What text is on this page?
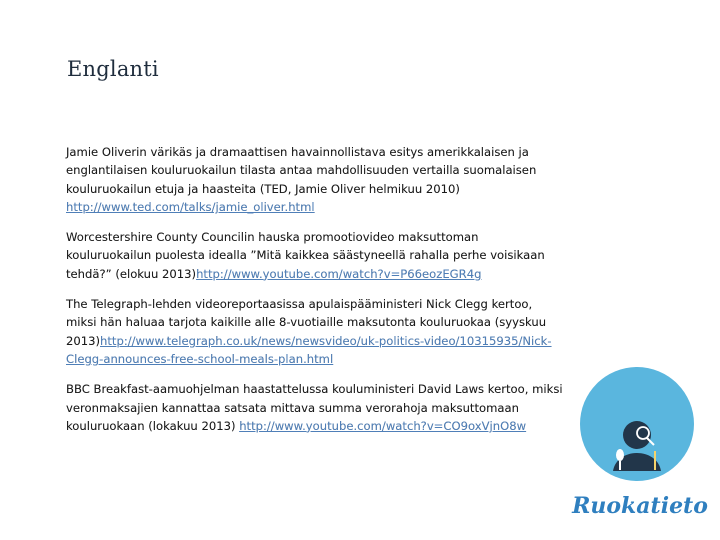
Englanti

Jamie Oliverin värikäs ja dramaattisen havainnollistava esitys amerikkalaisen ja englantilaisen kouluruokailun tilasta antaa mahdollisuuden vertailla suomalaisen kouluruokailun etuja ja haasteita (TED, Jamie Oliver helmikuu 2010) http://www.ted.com/talks/jamie_oliver.html

Worcestershire County Councilin hauska promootiovideo maksuttoman kouluruokailun puolesta idealla ”Mitä kaikkea säästyneellä rahalla perhe voisikaan tehdä?” (elokuu 2013)http://www.youtube.com/watch?v=P66eozEGR4g

The Telegraph-lehden videoreportaasissa apulaispääministeri Nick Clegg kertoo, miksi hän haluaa tarjota kaikille alle 8-vuotiaille maksutonta kouluruokaa (syyskuu 2013)http://www.telegraph.co.uk/news/newsvideo/uk-politics-video/10315935/Nick-Clegg-announces-free-school-meals-plan.html

BBC Breakfast-aamuohjelman haastattelussa kouluministeri David Laws kertoo, miksi veronmaksajien kannattaa satsata mittava summa verorahoja maksuttomaan kouluruokaan (lokakuu 2013) http://www.youtube.com/watch?v=CO9oxVjnO8w

KOULURU TIT
Ruokatieto
